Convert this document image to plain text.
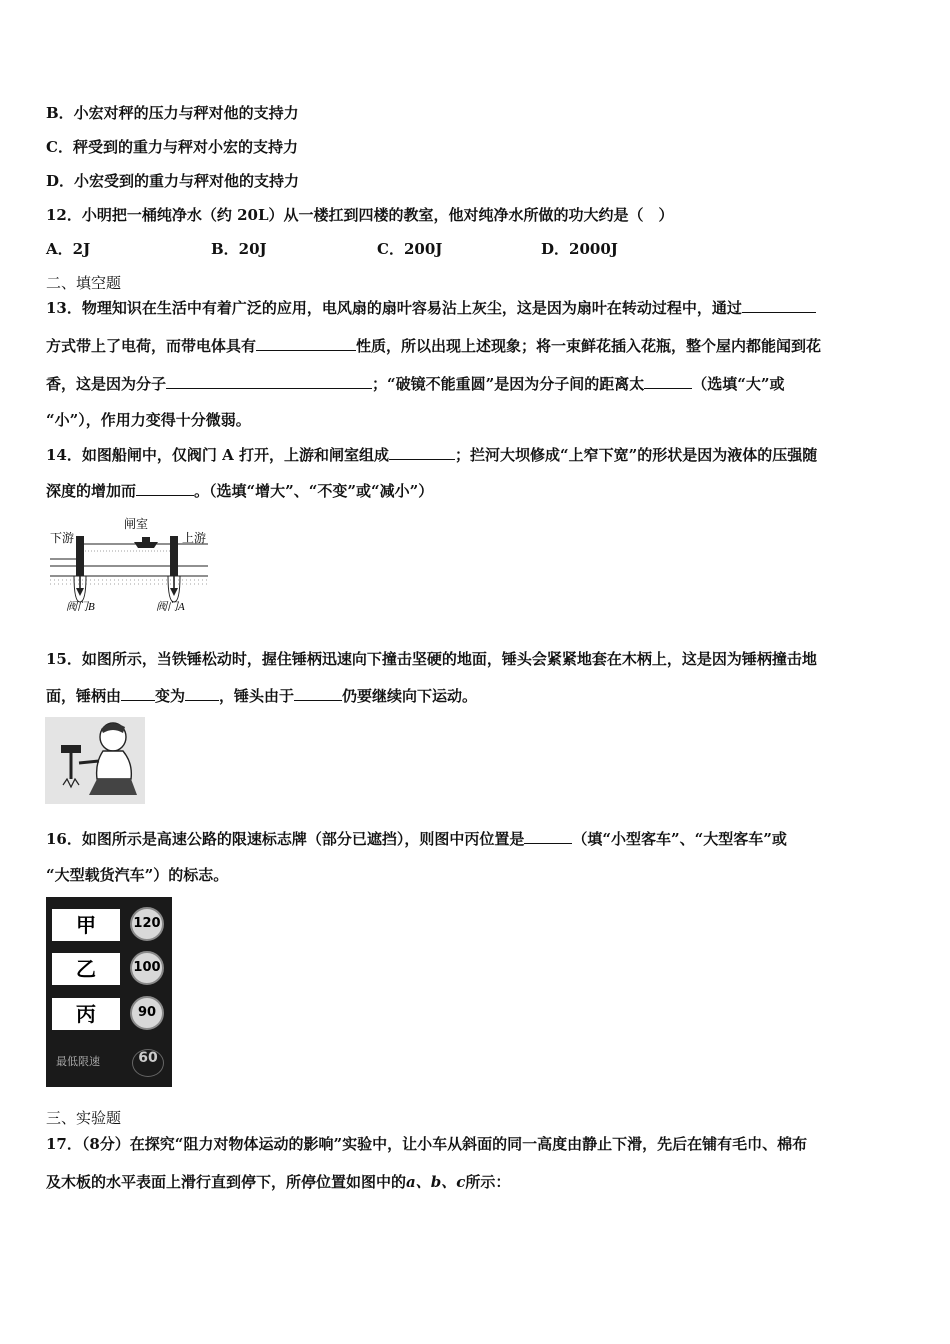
B．小宏对秤的压力与秤对他的支持力
C．秤受到的重力与秤对小宏的支持力
D．小宏受到的重力与秤对他的支持力
12．小明把一桶纯净水（约 20L）从一楼扛到四楼的教室，他对纯净水所做的功大约是（　）
A．2J	B．20J	C．200J	D．2000J
二、填空题
13．物理知识在生活中有着广泛的应用，电风扇的扇叶容易沾上灰尘，这是因为扇叶在转动过程中，通过
方式带上了电荷，而带电体具有	性质，所以出现上述现象；将一束鲜花插入花瓶，整个屋内都能闻到花
香，这是因为分子	；“破镜不能重圆”是因为分子间的距离太	（选填“大”或
“小”），作用力变得十分微弱。
14．如图船闸中，仅阀门 A 打开，上游和闸室组成	；拦河大坝修成“上窄下宽”的形状是因为液体的压强随
深度的增加而	。（选填“增大”、“不变”或“减小”）
下游
闸室
上游
阀门B	阀门A
15．如图所示，当铁锤松动时，握住锤柄迅速向下撞击坚硬的地面，锤头会紧紧地套在木柄上，这是因为锤柄撞击地
面，锤柄由 变为 ，锤头由于	仍要继续向下运动。
16．如图所示是高速公路的限速标志牌（部分已遮挡），则图中丙位置是	（填“小型客车”、“大型客车”或
“大型载货汽车”）的标志。
甲	120
乙	100
丙	90
最低限速	60
三、实验题
17．（8分）在探究“阻力对物体运动的影响”实验中，让小车从斜面的同一高度由静止下滑，先后在铺有毛巾、棉布
及木板的水平表面上滑行直到停下，所停位置如图中的a、b、c所示：
